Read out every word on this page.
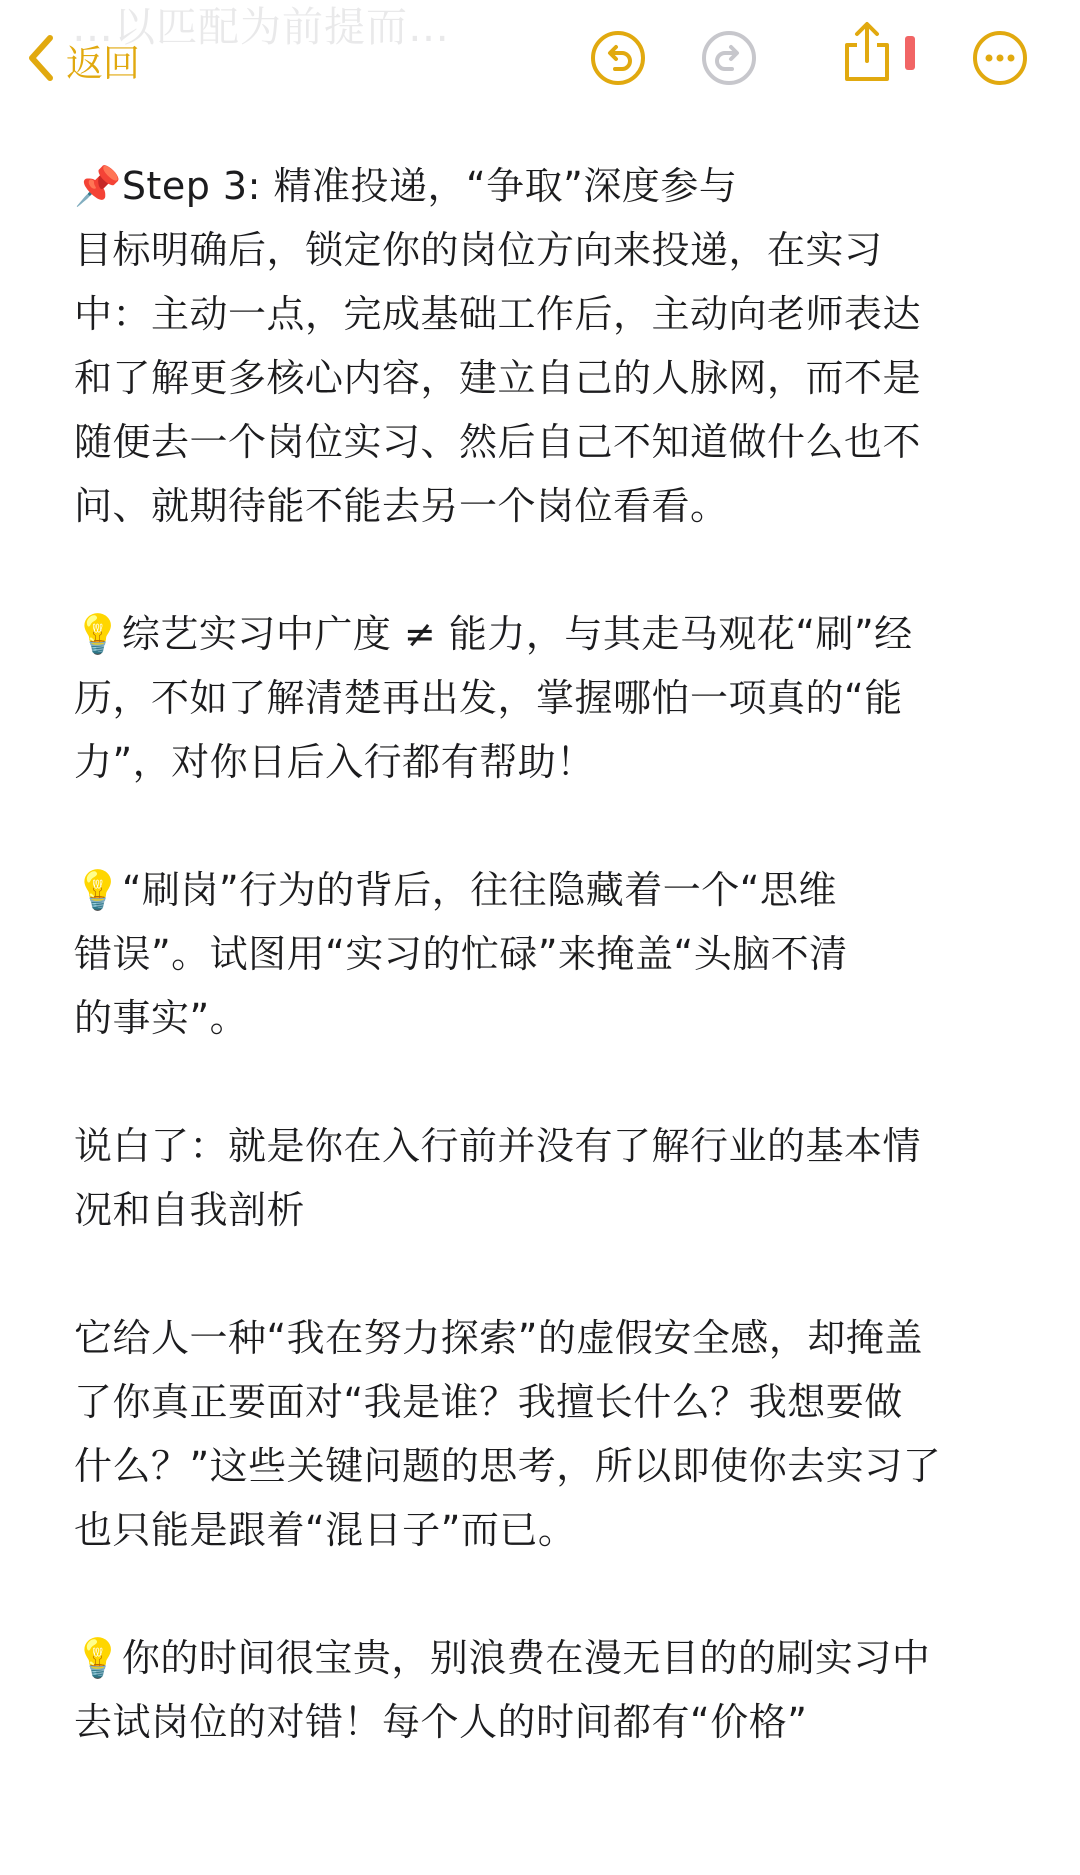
…以匹配为前提而…
返回

📌Step 3: 精准投递，“争取”深度参与
目标明确后，锁定你的岗位方向来投递，在实习
中：主动一点，完成基础工作后，主动向老师表达
和了解更多核心内容，建立自己的人脉网，而不是
随便去一个岗位实习、然后自己不知道做什么也不
问、就期待能不能去另一个岗位看看。

💡综艺实习中广度 ≠ 能力，与其走马观花“刷”经
历，不如了解清楚再出发，掌握哪怕一项真的“能
力”，对你日后入行都有帮助！

💡“刷岗”行为的背后，往往隐藏着一个“思维
错误”。试图用“实习的忙碌”来掩盖“头脑不清
的事实”。

说白了：就是你在入行前并没有了解行业的基本情
况和自我剖析

它给人一种“我在努力探索”的虚假安全感，却掩盖
了你真正要面对“我是谁？我擅长什么？我想要做
什么？”这些关键问题的思考，所以即使你去实习了
也只能是跟着“混日子”而已。

💡你的时间很宝贵，别浪费在漫无目的的刷实习中
去试岗位的对错！每个人的时间都有“价格”
